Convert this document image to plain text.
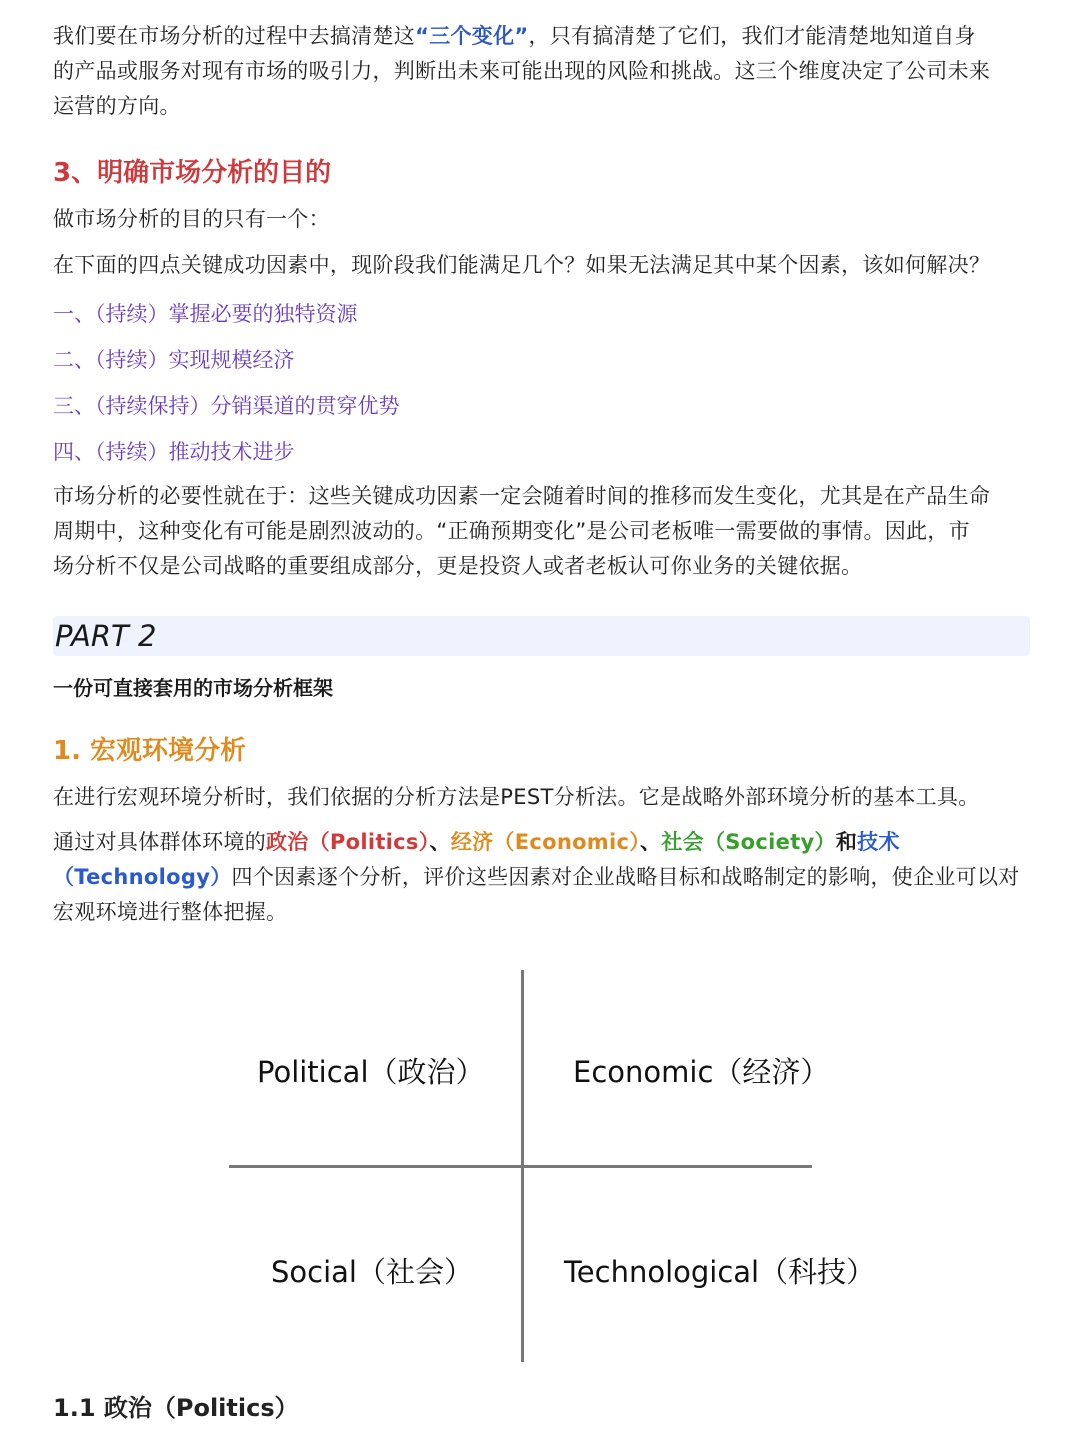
我们要在市场分析的过程中去搞清楚这“三个变化”，只有搞清楚了它们，我们才能清楚地知道自身

的产品或服务对现有市场的吸引力，判断出未来可能出现的风险和挑战。这三个维度决定了公司未来

运营的方向。

3、明确市场分析的目的

做市场分析的目的只有一个：

在下面的四点关键成功因素中，现阶段我们能满足几个？如果无法满足其中某个因素，该如何解决？

一、（持续）掌握必要的独特资源

二、（持续）实现规模经济

三、（持续保持）分销渠道的贯穿优势

四、（持续）推动技术进步

市场分析的必要性就在于：这些关键成功因素一定会随着时间的推移而发生变化，尤其是在产品生命

周期中，这种变化有可能是剧烈波动的。“正确预期变化”是公司老板唯一需要做的事情。因此，市

场分析不仅是公司战略的重要组成部分，更是投资人或者老板认可你业务的关键依据。

PART 2

一份可直接套用的市场分析框架

1. 宏观环境分析

在进行宏观环境分析时，我们依据的分析方法是PEST分析法。它是战略外部环境分析的基本工具。

通过对具体群体环境的政治（Politics）、经济（Economic）、社会（Society）和技术

（Technology）四个因素逐个分析，评价这些因素对企业战略目标和战略制定的影响，使企业可以对

宏观环境进行整体把握。

Political（政治）	Economic（经济）
Social（社会）	Technological（科技）
1.1 政治（Politics）
